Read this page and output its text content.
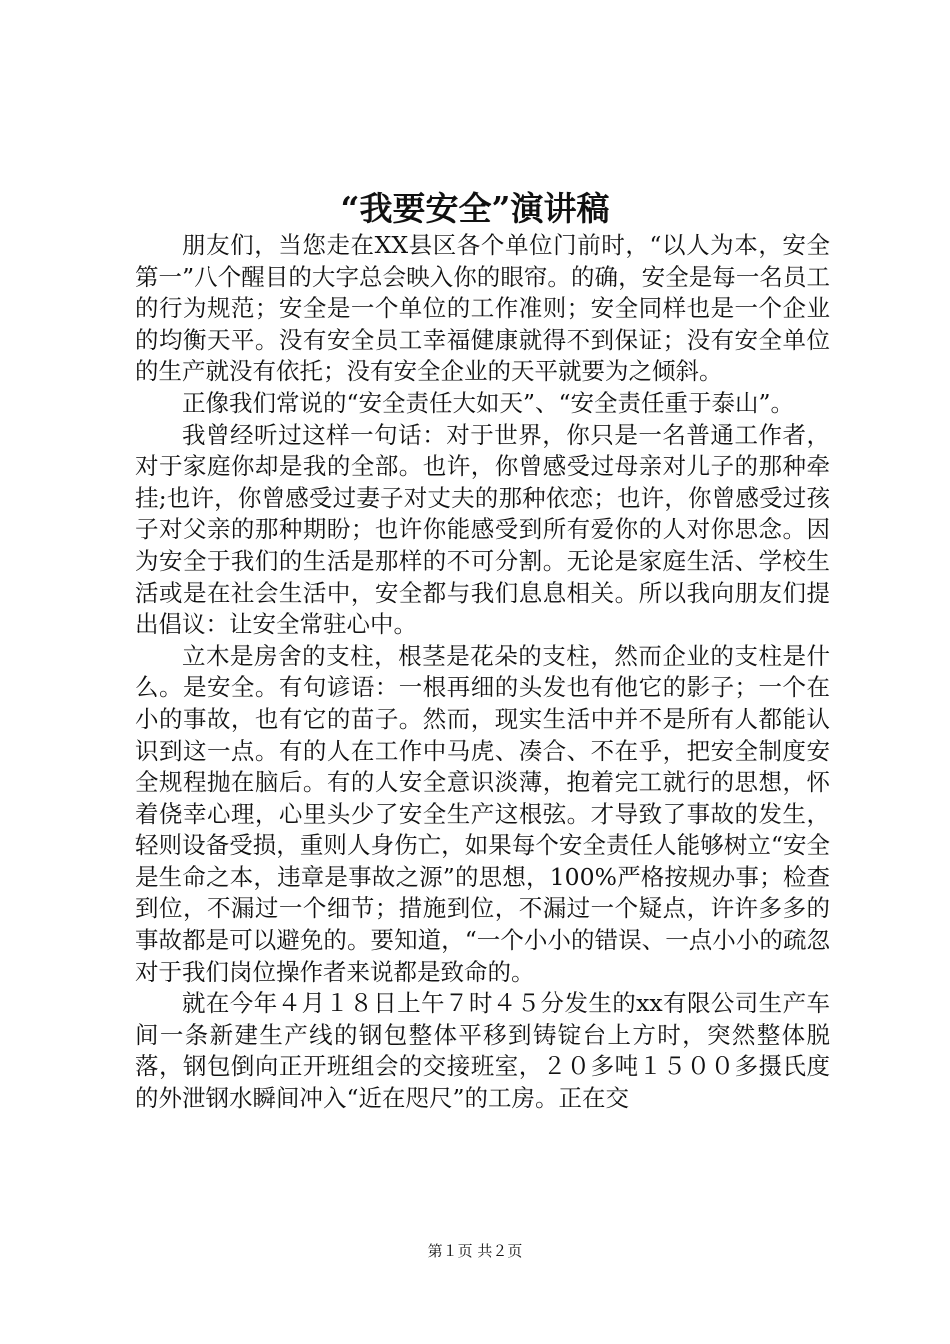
“我要安全”演讲稿

朋友们，当您走在XX县区各个单位门前时，“以人为本，安全第一”八个醒目的大字总会映入你的眼帘。的确，安全是每一名员工的行为规范；安全是一个单位的工作准则；安全同样也是一个企业的均衡天平。没有安全员工幸福健康就得不到保证；没有安全单位的生产就没有依托；没有安全企业的天平就要为之倾斜。

正像我们常说的“安全责任大如天”、“安全责任重于泰山”。

我曾经听过这样一句话：对于世界，你只是一名普通工作者，对于家庭你却是我的全部。也许，你曾感受过母亲对儿子的那种牵挂;也许，你曾感受过妻子对丈夫的那种依恋；也许，你曾感受过孩子对父亲的那种期盼；也许你能感受到所有爱你的人对你思念。因为安全于我们的生活是那样的不可分割。无论是家庭生活、学校生活或是在社会生活中，安全都与我们息息相关。所以我向朋友们提出倡议：让安全常驻心中。

立木是房舍的支柱，根茎是花朵的支柱，然而企业的支柱是什么。是安全。有句谚语：一根再细的头发也有他它的影子；一个在小的事故，也有它的苗子。然而，现实生活中并不是所有人都能认识到这一点。有的人在工作中马虎、凑合、不在乎，把安全制度安全规程抛在脑后。有的人安全意识淡薄，抱着完工就行的思想，怀着侥幸心理，心里头少了安全生产这根弦。才导致了事故的发生，轻则设备受损，重则人身伤亡，如果每个安全责任人能够树立“安全是生命之本，违章是事故之源”的思想，100%严格按规办事；检查到位，不漏过一个细节；措施到位，不漏过一个疑点，许许多多的事故都是可以避免的。要知道，“一个小小的错误、一点小小的疏忽对于我们岗位操作者来说都是致命的。

就在今年４月１８日上午７时４５分发生的xx有限公司生产车间一条新建生产线的钢包整体平移到铸锭台上方时，突然整体脱落，钢包倒向正开班组会的交接班室，２０多吨１５００多摄氏度的外泄钢水瞬间冲入“近在咫尺”的工房。正在交

第１页 共２页
